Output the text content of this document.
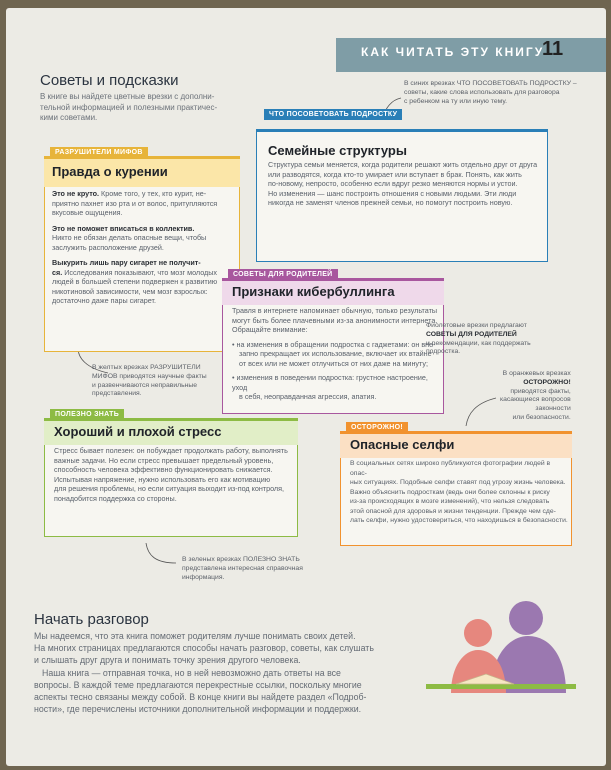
КАК ЧИТАТЬ ЭТУ КНИГУ
11
Советы и подсказки
В книге вы найдете цветные врезки с дополни-
тельной информацией и полезными практичес-
кими советами.
В синих врезках ЧТО ПОСОВЕТОВАТЬ ПОДРОСТКУ –
советы, какие слова использовать для разговора
с ребенком на ту или иную тему.
ЧТО ПОСОВЕТОВАТЬ ПОДРОСТКУ
Семейные структуры
Структура семьи меняется, когда родители решают жить отдельно друг от друга
или разводятся, когда кто-то умирает или вступает в брак. Понять, как жить
по-новому, непросто, особенно если вдруг резко меняются нормы и устои.
Но изменения — шанс построить отношения с новыми людьми. Эти люди
никогда не заменят членов прежней семьи, но помогут построить новую.
РАЗРУШИТЕЛИ МИФОВ
Правда о курении
Это не круто. Кроме того, у тех, кто курит, не-
приятно пахнет изо рта и от волос, притупляются
вкусовые ощущения.
Это не поможет вписаться в коллектив.
Никто не обязан делать опасные вещи, чтобы
заслужить расположение друзей.
Выкурить лишь пару сигарет не получит-
ся. Исследования показывают, что мозг молодых
людей в большей степени подвержен к развитию
никотиновой зависимости, чем мозг взрослых:
достаточно даже пары сигарет.
В желтых врезках РАЗРУШИТЕЛИ
МИФОВ приводятся научные факты
и развенчиваются неправильные
представления.
СОВЕТЫ ДЛЯ РОДИТЕЛЕЙ
Признаки кибербуллинга
Травля в интернете напоминает обычную, только результаты
могут быть более плачевными из-за анонимности интернета.
Обращайте внимание:
• на изменения в обращении подростка с гаджетами: он вне-
запно прекращает их использование, включает их втайне
от всех или не может отлучиться от них даже на минуту;
• изменения в поведении подростка: грустное настроение, уход
в себя, неоправданная агрессия, апатия.
Фиолетовые врезки предлагают
СОВЕТЫ ДЛЯ РОДИТЕЛЕЙ
и рекомендации, как поддержать
подростка.
В оранжевых врезках
ОСТОРОЖНО!
приводятся факты,
касающиеся вопросов
законности
или безопасности.
ПОЛЕЗНО ЗНАТЬ
Хороший и плохой стресс
Стресс бывает полезен: он побуждает продолжать работу, выполнять
важные задачи. Но если стресс превышает предельный уровень,
способность человека эффективно функционировать снижается.
Испытывая напряжение, нужно использовать его как мотивацию
для решения проблемы, но если ситуация выходит из-под контроля,
понадобится поддержка со стороны.
ОСТОРОЖНО!
Опасные селфи
В социальных сетях широко публикуются фотографии людей в опас-
ных ситуациях. Подобные селфи ставят под угрозу жизнь человека.
Важно объяснить подросткам (ведь они более склонны к риску
из-за происходящих в мозге изменений), что нельзя следовать
этой опасной для здоровья и жизни тенденции. Прежде чем сде-
лать селфи, нужно удостовериться, что находишься в безопасности.
В зеленых врезках ПОЛЕЗНО ЗНАТЬ
представлена интересная справочная
информация.
Начать разговор
Мы надеемся, что эта книга поможет родителям лучше понимать своих детей.
На многих страницах предлагаются способы начать разговор, советы, как слушать
и слышать друг друга и понимать точку зрения другого человека.
Наша книга — отправная точка, но в ней невозможно дать ответы на все
вопросы. В каждой теме предлагаются перекрестные ссылки, поскольку многие
аспекты тесно связаны между собой. В конце книги вы найдете раздел «Подроб-
ности», где перечислены источники дополнительной информации и поддержки.
